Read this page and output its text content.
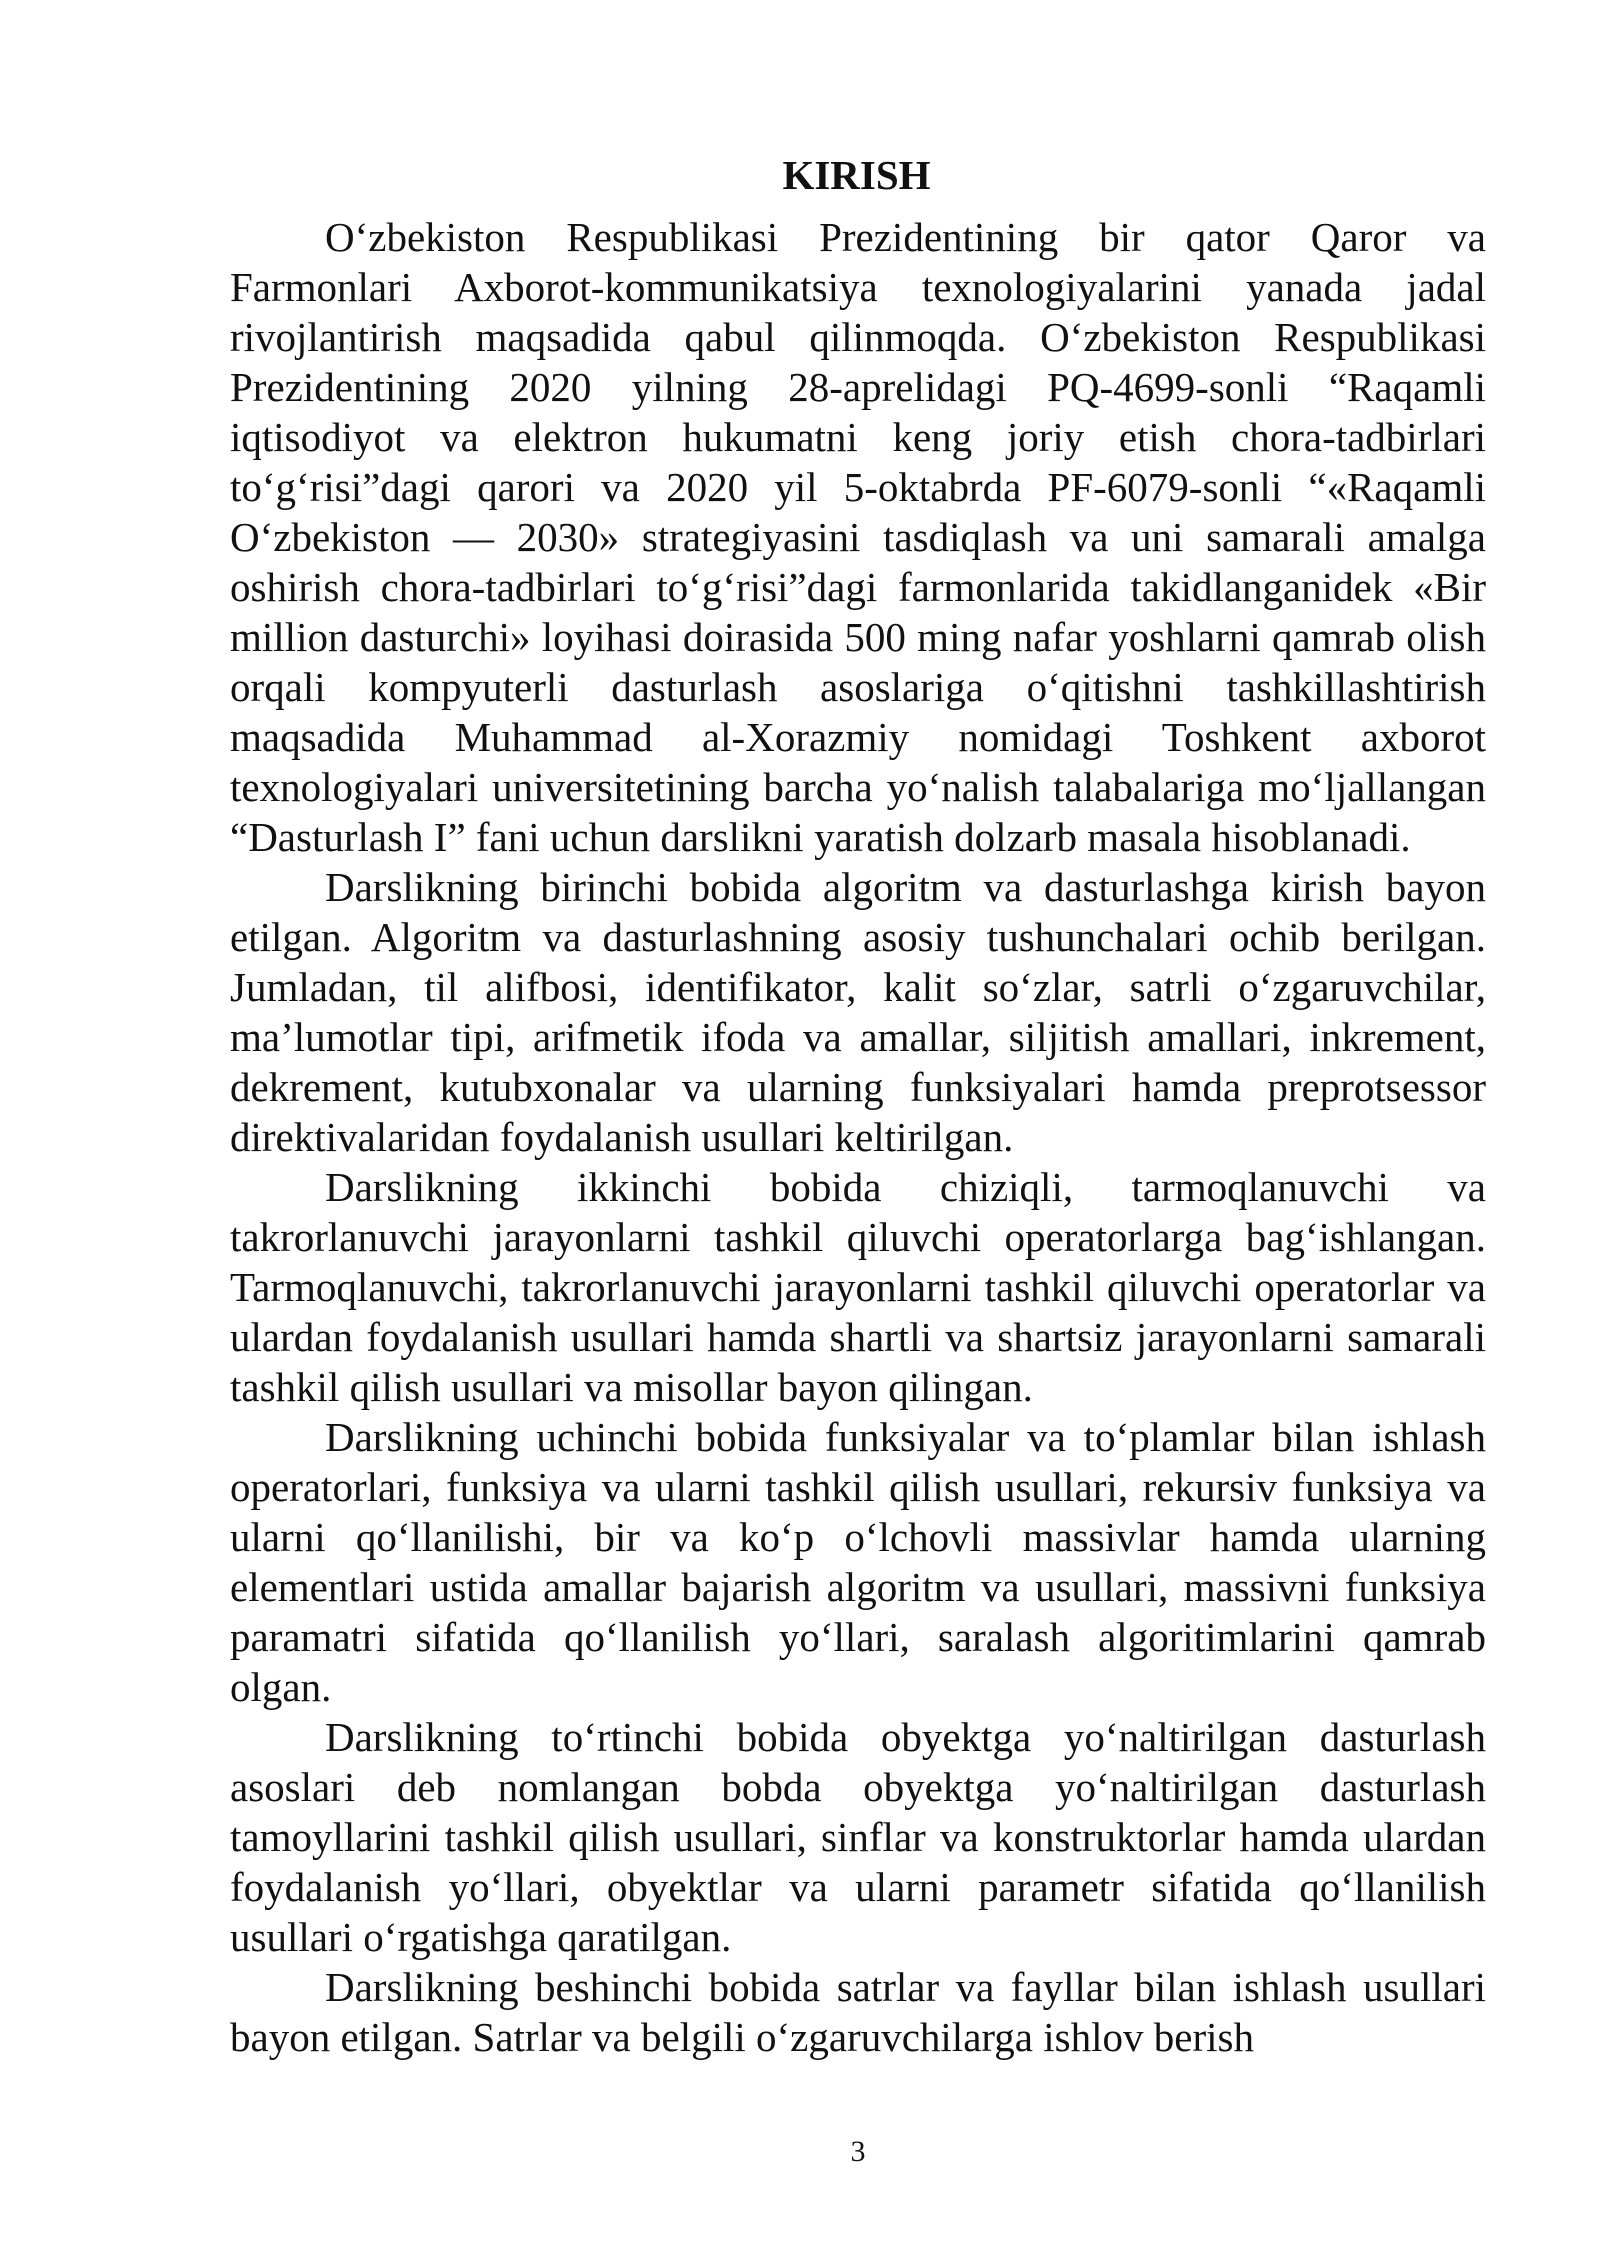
KIRISH

O‘zbekiston Respublikasi Prezidentining bir qator Qaror va Farmonlari Axborot-kommunikatsiya texnologiyalarini yanada jadal rivojlantirish maqsadida qabul qilinmoqda. O‘zbekiston Respublikasi Prezidentining 2020 yilning 28-aprelidagi PQ-4699-sonli “Raqamli iqtisodiyot va elektron hukumatni keng joriy etish chora-tadbirlari to‘g‘risi”dagi qarori va 2020 yil 5-oktabrda PF-6079-sonli “«Raqamli O‘zbekiston — 2030» strategiyasini tasdiqlash va uni samarali amalga oshirish chora-tadbirlari to‘g‘risi”dagi farmonlarida takidlanganidek «Bir million dasturchi» loyihasi doirasida 500 ming nafar yoshlarni qamrab olish orqali kompyuterli dasturlash asoslariga o‘qitishni tashkillashtirish maqsadida Muhammad al-Xorazmiy nomidagi Toshkent axborot texnologiyalari universitetining barcha yo‘nalish talabalariga mo‘ljallangan “Dasturlash I” fani uchun darslikni yaratish dolzarb masala hisoblanadi.

Darslikning birinchi bobida algoritm va dasturlashga kirish bayon etilgan. Algoritm va dasturlashning asosiy tushunchalari ochib berilgan. Jumladan, til alifbosi, identifikator, kalit so‘zlar, satrli o‘zgaruvchilar, ma’lumotlar tipi, arifmetik ifoda va amallar, siljitish amallari, inkrement, dekrement, kutubxonalar va ularning funksiyalari hamda preprotsessor direktivalaridan foydalanish usullari keltirilgan.

Darslikning ikkinchi bobida chiziqli, tarmoqlanuvchi va takrorlanuvchi jarayonlarni tashkil qiluvchi operatorlarga bag‘ishlangan. Tarmoqlanuvchi, takrorlanuvchi jarayonlarni tashkil qiluvchi operatorlar va ulardan foydalanish usullari hamda shartli va shartsiz jarayonlarni samarali tashkil qilish usullari va misollar bayon qilingan.

Darslikning uchinchi bobida funksiyalar va to‘plamlar bilan ishlash operatorlari, funksiya va ularni tashkil qilish usullari, rekursiv funksiya va ularni qo‘llanilishi, bir va ko‘p o‘lchovli massivlar hamda ularning elementlari ustida amallar bajarish algoritm va usullari, massivni funksiya paramatri sifatida qo‘llanilish yo‘llari, saralash algoritimlarini qamrab olgan.

Darslikning to‘rtinchi bobida obyektga yo‘naltirilgan dasturlash asoslari deb nomlangan bobda obyektga yo‘naltirilgan dasturlash tamoyllarini tashkil qilish usullari, sinflar va konstruktorlar hamda ulardan foydalanish yo‘llari, obyektlar va ularni parametr sifatida qo‘llanilish usullari o‘rgatishga qaratilgan.

Darslikning beshinchi bobida satrlar va fayllar bilan ishlash usullari bayon etilgan. Satrlar va belgili o‘zgaruvchilarga ishlov berish

3
